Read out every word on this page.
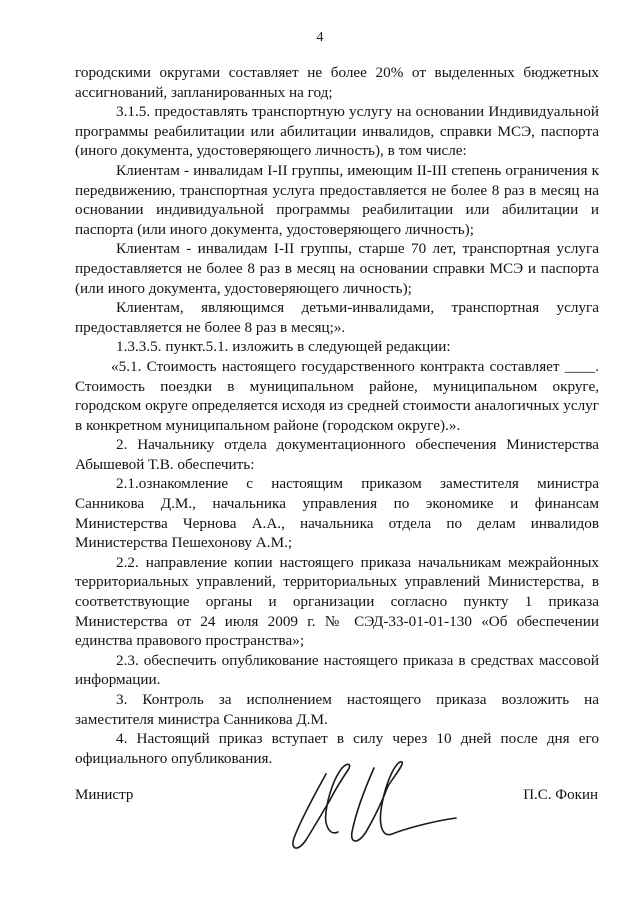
4

городскими округами составляет не более 20% от выделенных бюджетных ассигнований, запланированных на год;

3.1.5. предоставлять транспортную услугу на основании Индивидуальной программы реабилитации или абилитации инвалидов, справки МСЭ, паспорта (иного документа, удостоверяющего личность), в том числе:

Клиентам - инвалидам I-II группы, имеющим II-III степень ограничения к передвижению, транспортная услуга предоставляется не более 8 раз в месяц на основании индивидуальной программы реабилитации или абилитации и паспорта (или иного документа, удостоверяющего личность);

Клиентам - инвалидам I-II группы, старше 70 лет, транспортная услуга предоставляется не более 8 раз в месяц на основании справки МСЭ и паспорта (или иного документа, удостоверяющего личность);

Клиентам, являющимся детьми-инвалидами, транспортная услуга предоставляется не более 8 раз в месяц;».

1.3.3.5. пункт.5.1. изложить в следующей редакции:

«5.1. Стоимость настоящего государственного контракта составляет ____. Стоимость поездки в муниципальном районе, муниципальном округе, городском округе определяется исходя из средней стоимости аналогичных услуг в конкретном муниципальном районе (городском округе).».

2. Начальнику отдела документационного обеспечения Министерства Абышевой Т.В. обеспечить:

2.1.ознакомление с настоящим приказом заместителя министра Санникова Д.М., начальника управления по экономике и финансам Министерства Чернова А.А., начальника отдела по делам инвалидов Министерства Пешехонову А.М.;

2.2. направление копии настоящего приказа начальникам межрайонных территориальных управлений, территориальных управлений Министерства, в соответствующие органы и организации согласно пункту 1 приказа Министерства от 24 июля 2009 г. № СЭД-33-01-01-130 «Об обеспечении единства правового пространства»;

2.3. обеспечить опубликование настоящего приказа в средствах массовой информации.

3. Контроль за исполнением настоящего приказа возложить на заместителя министра Санникова Д.М.

4. Настоящий приказ вступает в силу через 10 дней после дня его официального опубликования.

Министр	П.С. Фокин
